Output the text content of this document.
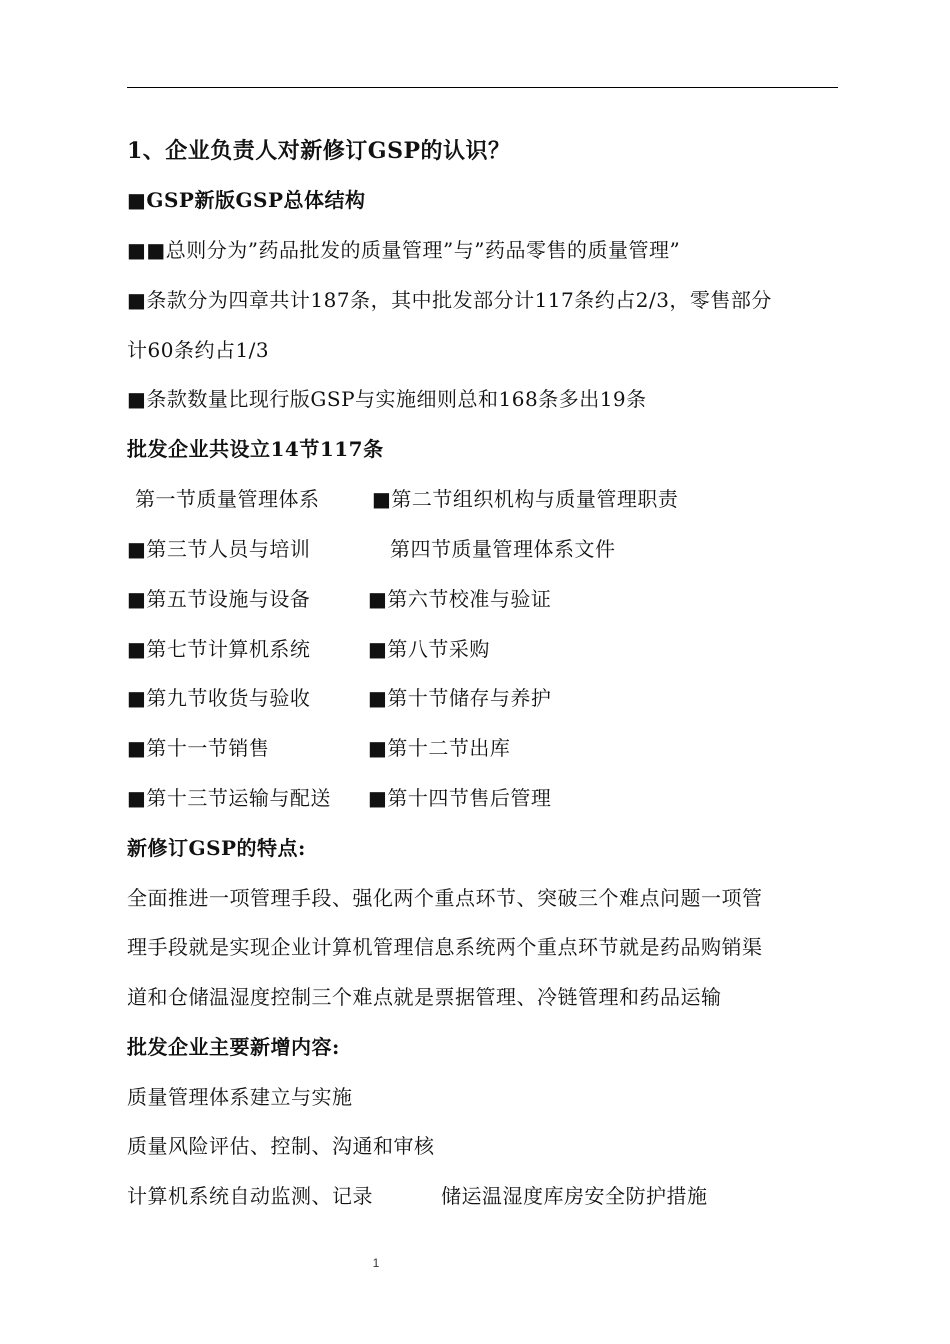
1、企业负责人对新修订GSP的认识？
■GSP新版GSP总体结构
■■总则分为”药品批发的质量管理”与”药品零售的质量管理”
■条款分为四章共计187条，其中批发部分计117条约占2/3，零售部分
计60条约占1/3
■条款数量比现行版GSP与实施细则总和168条多出19条
批发企业共设立14节117条
第一节质量管理体系	■第二节组织机构与质量管理职责
■第三节人员与培训	第四节质量管理体系文件
■第五节设施与设备	■第六节校准与验证
■第七节计算机系统	■第八节采购
■第九节收货与验收	■第十节储存与养护
■第十一节销售	■第十二节出库
■第十三节运输与配送 ■第十四节售后管理
新修订GSP的特点:
全面推进一项管理手段、强化两个重点环节、突破三个难点问题一项管
理手段就是实现企业计算机管理信息系统两个重点环节就是药品购销渠
道和仓储温湿度控制三个难点就是票据管理、冷链管理和药品运输
批发企业主要新增内容:
质量管理体系建立与实施
质量风险评估、控制、沟通和审核
计算机系统自动监测、记录	储运温湿度库房安全防护措施
1
